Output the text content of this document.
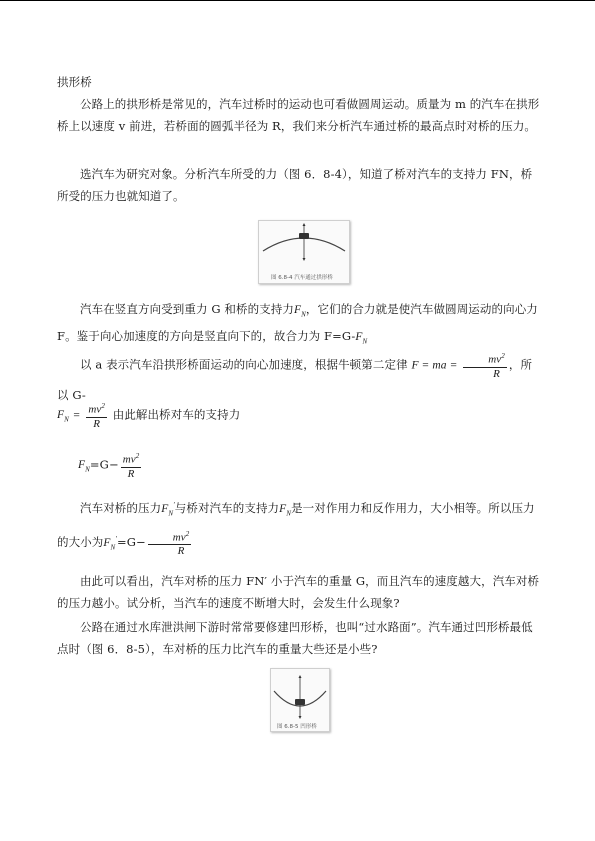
拱形桥
公路上的拱形桥是常见的，汽车过桥时的运动也可看做圆周运动。质量为 m 的汽车在拱形桥上以速度 v 前进，若桥面的圆弧半径为 R，我们来分析汽车通过桥的最高点时对桥的压力。
选汽车为研究对象。分析汽车所受的力（图 6．8-4），知道了桥对汽车的支持力 FN，桥所受的压力也就知道了。
图 6.8-4 汽车通过拱形桥
汽车在竖直方向受到重力 G 和桥的支持力$F_N$，它们的合力就是使汽车做圆周运动的向心力 F。鉴于向心加速度的方向是竖直向下的，故合力为 $F=G-F_N$
以 a 表示汽车沿拱形桥面运动的向心加速度，根据牛顿第二定律 F = ma = $\frac{mv^2}{R}$ ，所以 G-
$F_N = \frac{mv^2}{R}$ 由此解出桥对车的支持力
$F_N=G- \frac{mv^2}{R}$
汽车对桥的压力$F_N'$与桥对汽车的支持力$F_N$是一对作用力和反作用力，大小相等。所以压力的大小为$F_N'=G- \frac{mv^2}{R}$
由此可以看出，汽车对桥的压力 FN′ 小于汽车的重量 G，而且汽车的速度越大，汽车对桥的压力越小。试分析，当汽车的速度不断增大时，会发生什么现象?
公路在通过水库泄洪闸下游时常常要修建凹形桥，也叫“过水路面”。汽车通过凹形桥最低点时（图 6．8-5），车对桥的压力比汽车的重量大些还是小些?
图 6.8-5 凹形桥
